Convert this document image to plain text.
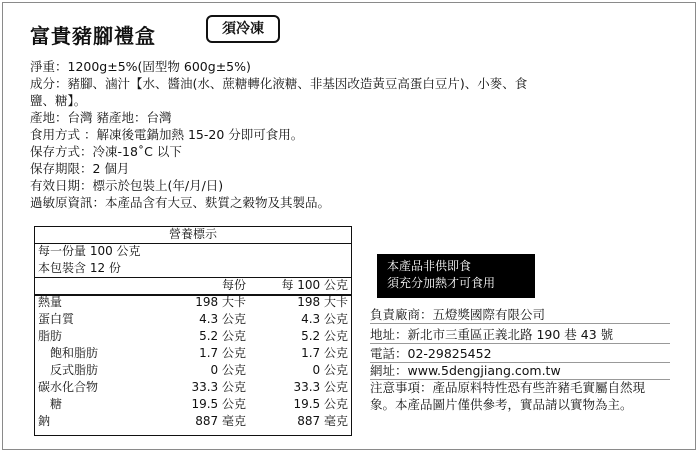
富貴豬腳禮盒	須冷凍
淨重：1200g±5%(固型物 600g±5%)
成分：豬腳、滷汁【水、醬油(水、蔗糖轉化液糖、非基因改造黃豆高蛋白豆片)、小麥、食
鹽、糖】。
產地：台灣 豬產地：台灣
食用方式 ：解凍後電鍋加熱 15-20 分即可食用。
保存方式：冷凍-18˚C 以下
保存期限：2 個月
有效日期：標示於包裝上(年/月/日)
過敏原資訊：本產品含有大豆、麩質之穀物及其製品。
營養標示		
每一份量 100 公克		
本包裝含 12 份		
	每份	每 100 公克
熱量	198 大卡	198 大卡
蛋白質	4.3 公克	4.3 公克
脂肪	5.2 公克	5.2 公克
　飽和脂肪	1.7 公克	1.7 公克
　反式脂肪	0 公克	0 公克
碳水化合物	33.3 公克	33.3 公克
　糖	19.5 公克	19.5 公克
鈉	887 毫克	887 毫克
本產品非供即食
須充分加熱才可食用
負責廠商：五燈獎國際有限公司
地址：新北市三重區正義北路 190 巷 43 號
電話：02-29825452
網址：www.5dengjiang.com.tw
注意事項：產品原料特性恐有些許豬毛實屬自然現
象。本產品圖片僅供參考，實品請以實物為主。
